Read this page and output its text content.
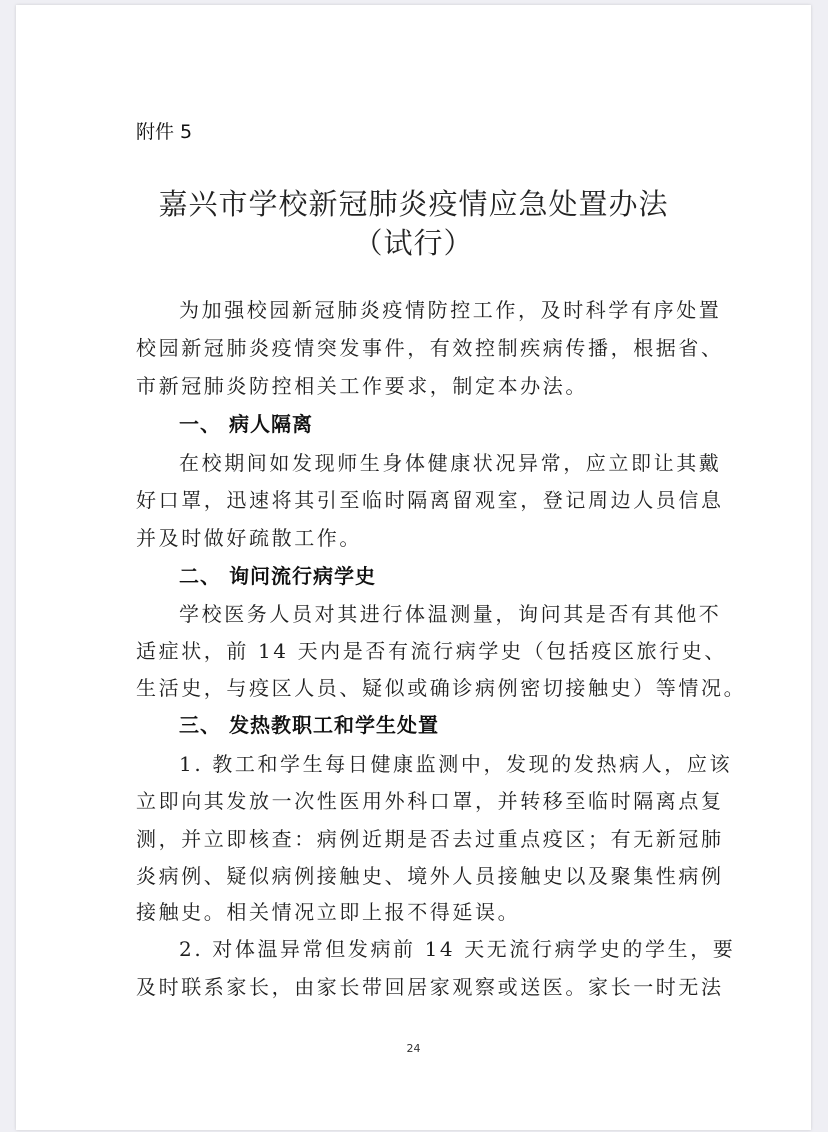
附件 5
嘉兴市学校新冠肺炎疫情应急处置办法
（试行）
为加强校园新冠肺炎疫情防控工作，及时科学有序处置
校园新冠肺炎疫情突发事件，有效控制疾病传播，根据省、
市新冠肺炎防控相关工作要求，制定本办法。
一、 病人隔离
在校期间如发现师生身体健康状况异常，应立即让其戴
好口罩，迅速将其引至临时隔离留观室，登记周边人员信息
并及时做好疏散工作。
二、 询问流行病学史
学校医务人员对其进行体温测量，询问其是否有其他不
适症状，前 14 天内是否有流行病学史（包括疫区旅行史、
生活史，与疫区人员、疑似或确诊病例密切接触史）等情况。
三、 发热教职工和学生处置
1. 教工和学生每日健康监测中，发现的发热病人，应该
立即向其发放一次性医用外科口罩，并转移至临时隔离点复
测，并立即核查：病例近期是否去过重点疫区；有无新冠肺
炎病例、疑似病例接触史、境外人员接触史以及聚集性病例
接触史。相关情况立即上报不得延误。
2. 对体温异常但发病前 14 天无流行病学史的学生，要
及时联系家长，由家长带回居家观察或送医。家长一时无法
24
